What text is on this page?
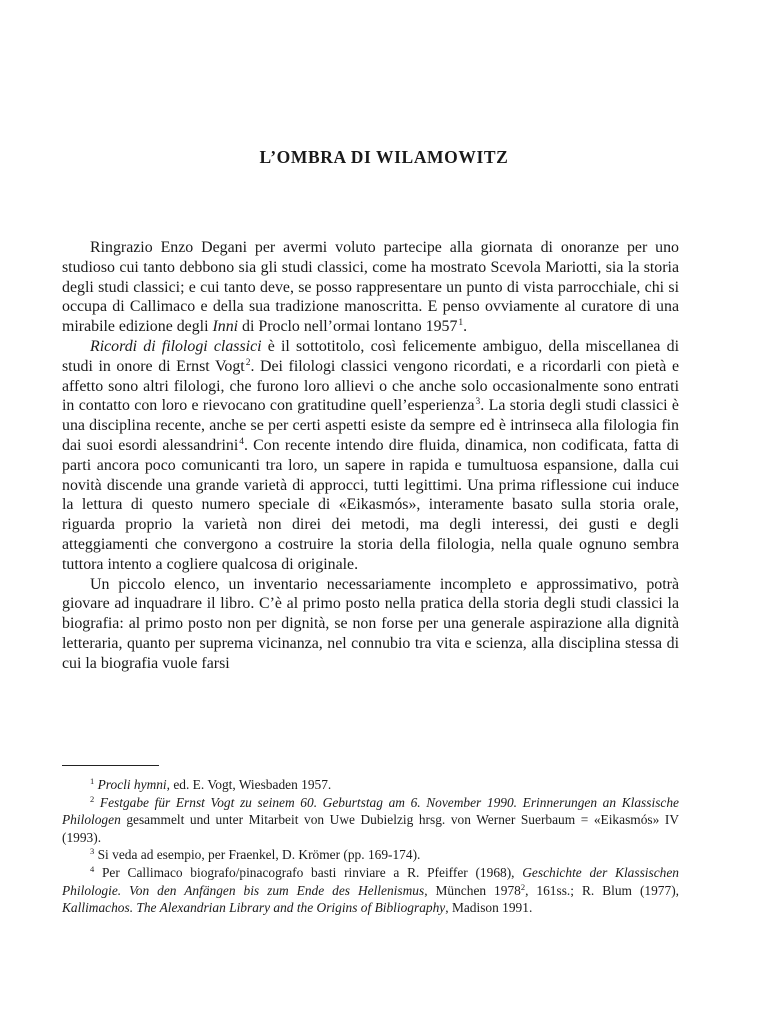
L’OMBRA DI WILAMOWITZ

Ringrazio Enzo Degani per avermi voluto partecipe alla giornata di onoranze per uno studioso cui tanto debbono sia gli studi classici, come ha mostrato Scevola Mariotti, sia la storia degli studi classici; e cui tanto deve, se posso rappresentare un punto di vista parrocchiale, chi si occupa di Callimaco e della sua tradizione manoscritta. E penso ovviamente al curatore di una mirabile edizione degli Inni di Proclo nell’ormai lontano 1957$^1$.

Ricordi di filologi classici è il sottotitolo, così felicemente ambiguo, della miscellanea di studi in onore di Ernst Vogt$^2$. Dei filologi classici vengono ricordati, e a ricordarli con pietà e affetto sono altri filologi, che furono loro allievi o che anche solo occasionalmente sono entrati in contatto con loro e rievocano con gratitudine quell’esperienza$^3$. La storia degli studi classici è una disciplina recente, anche se per certi aspetti esiste da sempre ed è intrinseca alla filologia fin dai suoi esordi alessandrini$^4$. Con recente intendo dire fluida, dinamica, non codificata, fatta di parti ancora poco comunicanti tra loro, un sapere in rapida e tumultuosa espansione, dalla cui novità discende una grande varietà di approcci, tutti legittimi. Una prima riflessione cui induce la lettura di questo numero speciale di «Eikasmós», interamente basato sulla storia orale, riguarda proprio la varietà non direi dei metodi, ma degli interessi, dei gusti e degli atteggiamenti che convergono a costruire la storia della filologia, nella quale ognuno sembra tuttora intento a cogliere qualcosa di originale.

Un piccolo elenco, un inventario necessariamente incompleto e approssimativo, potrà giovare ad inquadrare il libro. C’è al primo posto nella pratica della storia degli studi classici la biografia: al primo posto non per dignità, se non forse per una generale aspirazione alla dignità letteraria, quanto per suprema vicinanza, nel connubio tra vita e scienza, alla disciplina stessa di cui la biografia vuole farsi

$^1$ Procli hymni, ed. E. Vogt, Wiesbaden 1957.

$^2$ Festgabe für Ernst Vogt zu seinem 60. Geburtstag am 6. November 1990. Erinnerungen an Klassische Philologen gesammelt und unter Mitarbeit von Uwe Dubielzig hrsg. von Werner Suerbaum = «Eikasmós» IV (1993).

$^3$ Si veda ad esempio, per Fraenkel, D. Krömer (pp. 169-174).

$^4$ Per Callimaco biografo/pinacografo basti rinviare a R. Pfeiffer (1968), Geschichte der Klassischen Philologie. Von den Anfängen bis zum Ende des Hellenismus, München 1978$^2$, 161ss.; R. Blum (1977), Kallimachos. The Alexandrian Library and the Origins of Bibliography, Madison 1991.
